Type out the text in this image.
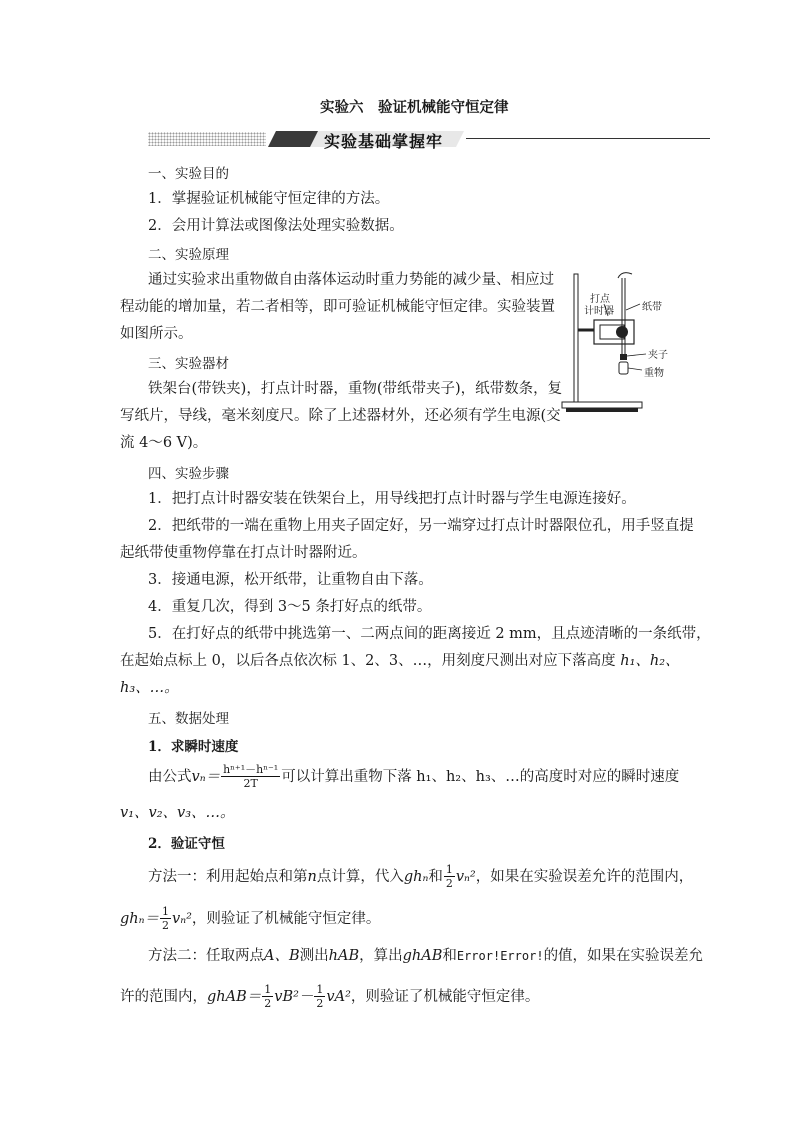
实验六　验证机械能守恒定律
实验基础掌握牢
一、实验目的
1．掌握验证机械能守恒定律的方法。
2．会用计算法或图像法处理实验数据。
二、实验原理
通过实验求出重物做自由落体运动时重力势能的减少量、相应过
程动能的增加量，若二者相等，即可验证机械能守恒定律。实验装置
如图所示。
打点
计时器	纸带
夹子
重物
三、实验器材
铁架台(带铁夹)，打点计时器，重物(带纸带夹子)，纸带数条，复
写纸片，导线，毫米刻度尺。除了上述器材外，还必须有学生电源(交
流 4～6 V)。
四、实验步骤
1．把打点计时器安装在铁架台上，用导线把打点计时器与学生电源连接好。
2．把纸带的一端在重物上用夹子固定好，另一端穿过打点计时器限位孔，用手竖直提
起纸带使重物停靠在打点计时器附近。
3．接通电源，松开纸带，让重物自由下落。
4．重复几次，得到 3～5 条打好点的纸带。
5．在打好点的纸带中挑选第一、二两点间的距离接近 2 mm，且点迹清晰的一条纸带，
在起始点标上 0，以后各点依次标 1、2、3、…，用刻度尺测出对应下落高度 h₁、h₂、
h₃、…。
五、数据处理
1．求瞬时速度
由公式$v_n= \frac{\text{hⁿ⁺¹－hⁿ⁻¹}}{2T}$ 可以计算出重物下落 h₁、h₂、h₃、…的高度时对应的瞬时速度
v₁、v₂、v₃、…。
2．验证守恒
方法一：利用起始点和第n点计算，代入ghₙ和 $\frac{1}{2} v_n^2$，如果在实验误差允许的范围内，
$gh_n= \frac{1}{2} v_n^2$，则验证了机械能守恒定律。
方法二：任取两点A、B测出hAB，算出ghAB和Error!Error!的值，如果在实验误差允
许的范围内，ghAB＝ $\frac{1}{2} vB^2- \frac{1}{2} vA^2$，则验证了机械能守恒定律。
